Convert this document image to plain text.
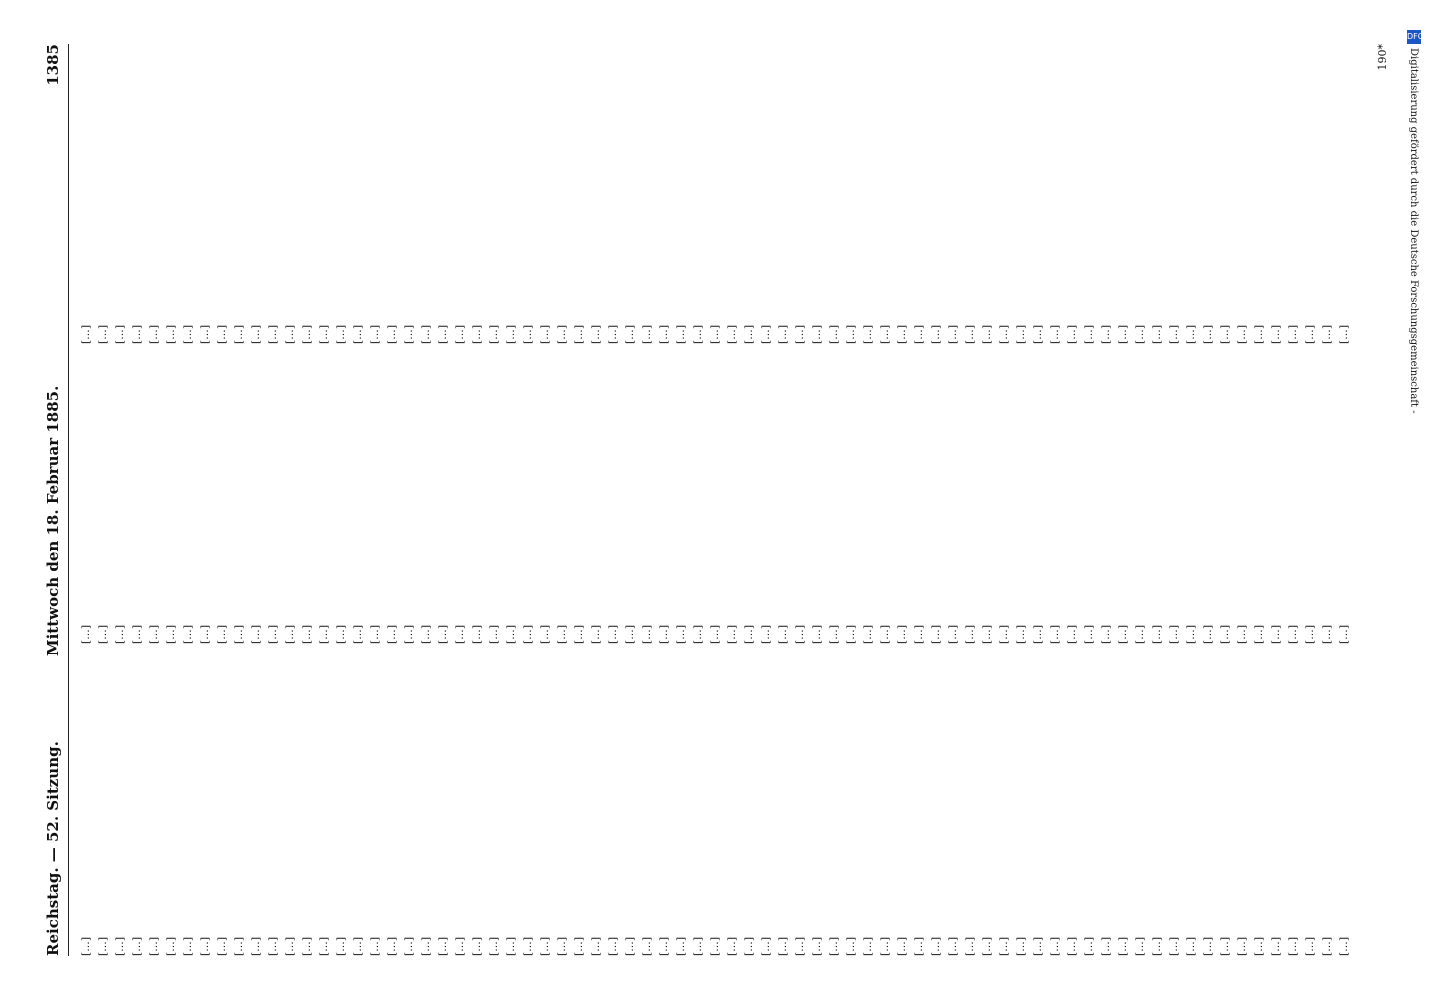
Reichstag. — 52. Sitzung.
Mittwoch den 18. Februar 1885.
1385
[…] […] […] […] […] […] […] […] […] […] […] […] […] […] […] […] […] […] […] […] […] […] […] […] […] […] […] […] […] […] […] […] […] […] […] […] […] […] […] […] […] […] […] […] […] […] […] […] […] […] […] […] […] […] […] […] […] […] […] […] […] […] […] […] […] […] […] […] […] […] […] […] […] […] […]
[…] […] […] […] […] […] […] […] […] […] […] […] […] […] […] […] […] […] […] […] […] […] […] […] […] […] […] […] […] […] […] […] […] […] […] […] […] […] […] […] […] […] […] […] […] […] […] […] […] […] […] […] […] […] […] […] […] […] […] […] […] […] […] […] […] […] […] […] […] […] […] […] […] […] […]
[…] […] […] […] […] […] […] […] […] […] […] […] […] […] […] […] […] […] […] […] […] […] […] […] […] […] […] […] […] […] […] […] […] […] […] […] […] […] […] […] […] […] […] […] […] […] […] […] […] […] […] […] […] […] […] […] […] […] […] […] […] […] […] […] […] […] […] […] […] […] […] […] […] […] […]
190*
DFG
Digitalisierung gefördert durch die Deutsche Forschungsgemeinschaft -
